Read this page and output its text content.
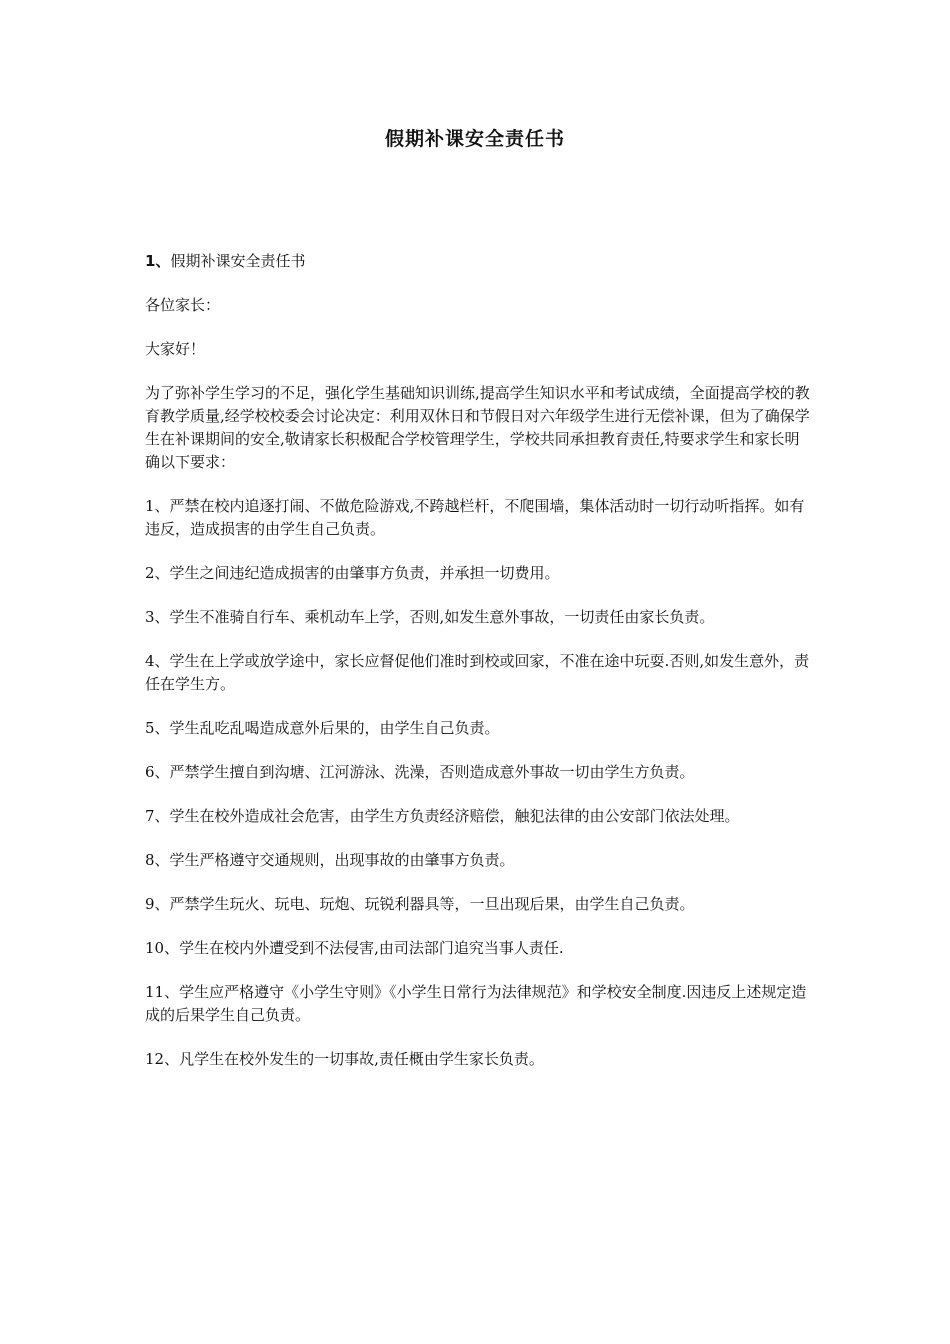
假期补课安全责任书

1、假期补课安全责任书

各位家长：

大家好！

为了弥补学生学习的不足，强化学生基础知识训练,提高学生知识水平和考试成绩，全面提高学校的教育教学质量,经学校校委会讨论决定：利用双休日和节假日对六年级学生进行无偿补课，但为了确保学生在补课期间的安全,敬请家长积极配合学校管理学生，学校共同承担教育责任,特要求学生和家长明确以下要求：

1、严禁在校内追逐打闹、不做危险游戏,不跨越栏杆，不爬围墙，集体活动时一切行动听指挥。如有违反，造成损害的由学生自己负责。

2、学生之间违纪造成损害的由肇事方负责，并承担一切费用。

3、学生不准骑自行车、乘机动车上学，否则,如发生意外事故，一切责任由家长负责。

4、学生在上学或放学途中，家长应督促他们准时到校或回家，不准在途中玩耍.否则,如发生意外，责任在学生方。

5、学生乱吃乱喝造成意外后果的，由学生自己负责。

6、严禁学生擅自到沟塘、江河游泳、洗澡，否则造成意外事故一切由学生方负责。

7、学生在校外造成社会危害，由学生方负责经济赔偿，触犯法律的由公安部门依法处理。

8、学生严格遵守交通规则，出现事故的由肇事方负责。

9、严禁学生玩火、玩电、玩炮、玩锐利器具等，一旦出现后果，由学生自己负责。

10、学生在校内外遭受到不法侵害,由司法部门追究当事人责任.

11、学生应严格遵守《小学生守则》《小学生日常行为法律规范》和学校安全制度.因违反上述规定造成的后果学生自己负责。

12、凡学生在校外发生的一切事故,责任概由学生家长负责。
